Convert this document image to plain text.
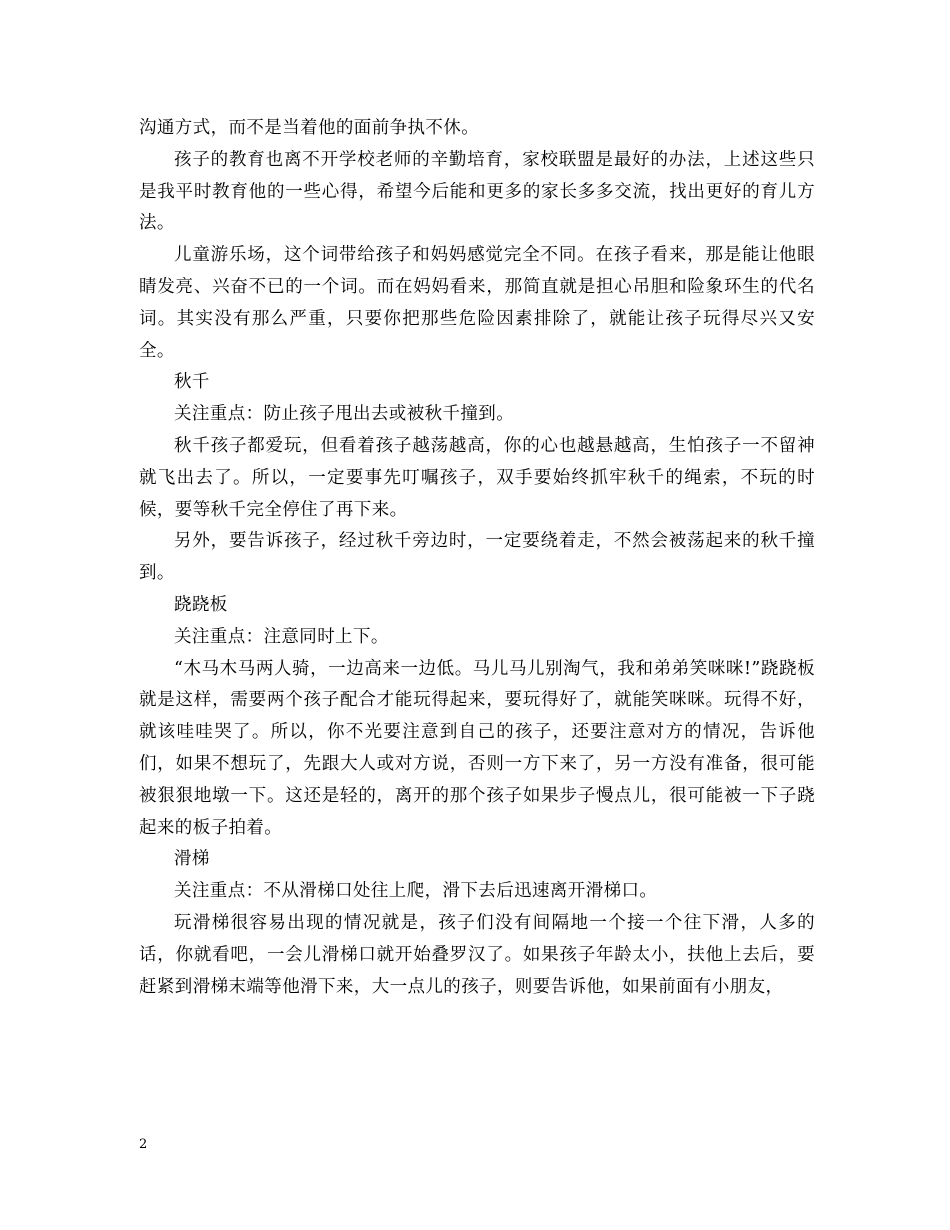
沟通方式，而不是当着他的面前争执不休。

孩子的教育也离不开学校老师的辛勤培育，家校联盟是最好的办法，上述这些只是我平时教育他的一些心得，希望今后能和更多的家长多多交流，找出更好的育儿方法。

儿童游乐场，这个词带给孩子和妈妈感觉完全不同。在孩子看来，那是能让他眼睛发亮、兴奋不已的一个词。而在妈妈看来，那简直就是担心吊胆和险象环生的代名词。其实没有那么严重，只要你把那些危险因素排除了，就能让孩子玩得尽兴又安全。

秋千

关注重点：防止孩子甩出去或被秋千撞到。

秋千孩子都爱玩，但看着孩子越荡越高，你的心也越悬越高，生怕孩子一不留神就飞出去了。所以，一定要事先叮嘱孩子，双手要始终抓牢秋千的绳索，不玩的时候，要等秋千完全停住了再下来。

另外，要告诉孩子，经过秋千旁边时，一定要绕着走，不然会被荡起来的秋千撞到。

跷跷板

关注重点：注意同时上下。

“木马木马两人骑，一边高来一边低。马儿马儿别淘气，我和弟弟笑咪咪!”跷跷板就是这样，需要两个孩子配合才能玩得起来，要玩得好了，就能笑咪咪。玩得不好，就该哇哇哭了。所以，你不光要注意到自己的孩子，还要注意对方的情况，告诉他们，如果不想玩了，先跟大人或对方说，否则一方下来了，另一方没有准备，很可能被狠狠地墩一下。这还是轻的，离开的那个孩子如果步子慢点儿，很可能被一下子跷起来的板子拍着。

滑梯

关注重点：不从滑梯口处往上爬，滑下去后迅速离开滑梯口。

玩滑梯很容易出现的情况就是，孩子们没有间隔地一个接一个往下滑，人多的话，你就看吧，一会儿滑梯口就开始叠罗汉了。如果孩子年龄太小，扶他上去后，要赶紧到滑梯末端等他滑下来，大一点儿的孩子，则要告诉他，如果前面有小朋友，

2
